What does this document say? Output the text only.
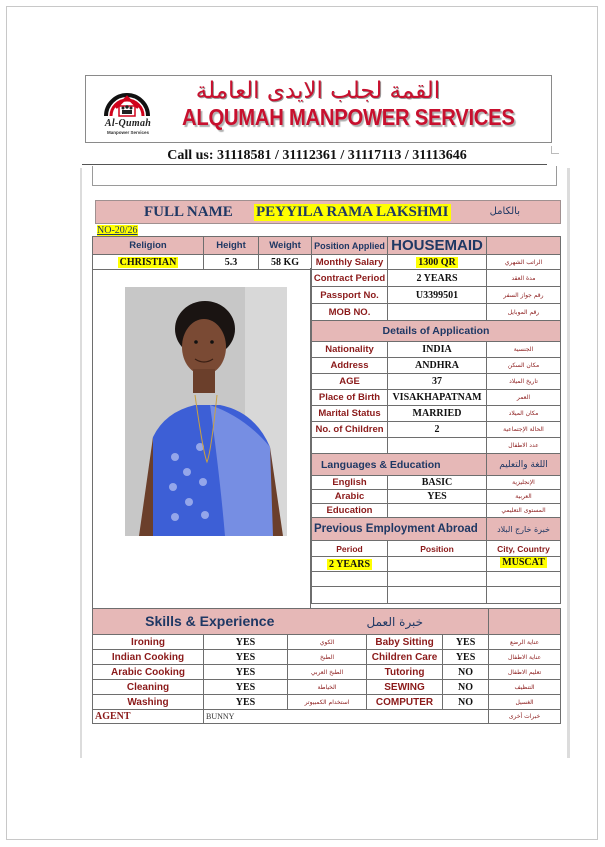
Al-Qumah
Manpower Services
القمة لجلب الايدى العاملة
ALQUMAH MANPOWER SERVICES
Call us: 31118581 / 31112361 / 31117113 / 31113646
FULL NAME PEYYILA RAMA LAKSHMI	بالكامل
NO-20/26
Religion	Height	Weight	Position Applied	HOUSEMAID	
CHRISTIAN	5.3	58 KG	Monthly Salary	1300 QR	الراتب الشهري
Contract Period	2 YEARS	مدة العقد
Passport No.	U3399501	رقم جواز السفر
MOB NO.		رقم الموبايل
Details of Application		
Nationality	INDIA	الجنسية
Address	ANDHRA	مكان السكن
AGE	37	تاريخ الميلاد
Place of Birth	VISAKHAPATNAM	العمر
Marital Status	MARRIED	مكان الميلاد
No. of Children	2	الحالة الإجتماعية
		عدد الاطفال
Languages & Education		اللغة والتعليم
English	BASIC	الإنجليزية
Arabic	YES	العربية
Education		المستوى التعليمي
Previous Employment Abroad		خبرة خارج البلاد
Period	Position	City, Country
2 YEARS		MUSCAT

Skills & Experience			خبرة العمل		
Ironing	YES	الكوي	Baby Sitting	YES	عناية الرضع
Indian Cooking	YES	الطبخ	Children Care	YES	عناية الاطفال
Arabic Cooking	YES	الطبخ العربي	Tutoring	NO	تعليم الاطفال
Cleaning	YES	الخياطة	SEWING	NO	التنظيف
Washing	YES	استخدام الكمبيوتر	COMPUTER	NO	الغسيل
AGENT	BUNNY				خبرات أخرى
